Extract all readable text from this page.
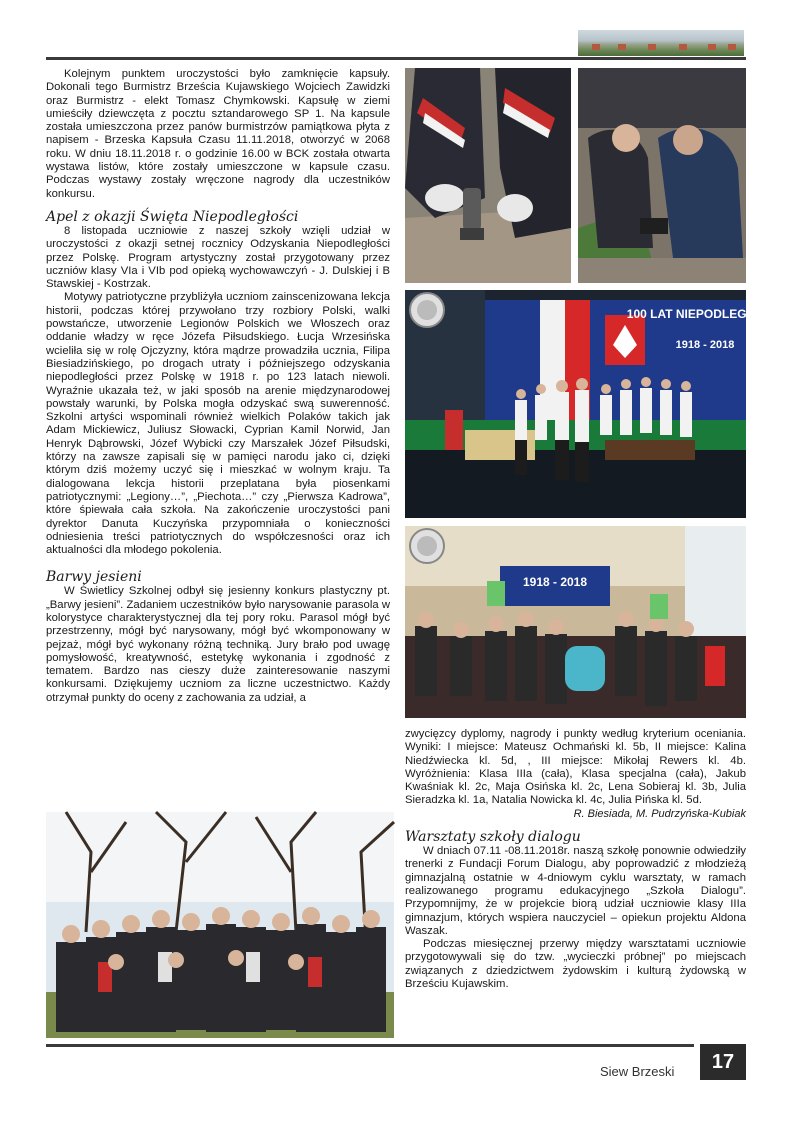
Kolejnym punktem uroczystości było zamknięcie kapsuły. Dokonali tego Burmistrz Brześcia Kujawskiego Wojciech Zawidzki oraz Burmistrz - elekt Tomasz Chymkowski. Kapsułę w ziemi umieściły dziewczęta z pocztu sztandarowego SP 1. Na kapsule została umieszczona przez panów burmistrzów pamiątkowa płyta z napisem - Brzeska Kapsuła Czasu 11.11.2018, otworzyć w 2068 roku. W dniu 18.11.2018 r. o godzinie 16.00 w BCK została otwarta wystawa listów, które zostały umieszczone w kapsule czasu. Podczas wystawy zostały wręczone nagrody dla uczestników konkursu.

Apel z okazji Święta Niepodległości

8 listopada uczniowie z naszej szkoły wzięli udział w uroczystości z okazji setnej rocznicy Odzyskania Niepodległości przez Polskę. Program artystyczny został przygotowany przez uczniów klasy VIa i VIb pod opieką wychowawczyń - J. Dulskiej i B Stawskiej - Kostrzak.

Motywy patriotyczne przybliżyła uczniom zainscenizowana lekcja historii, podczas której przywołano trzy rozbiory Polski, walki powstańcze, utworzenie Legionów Polskich we Włoszech oraz oddanie władzy w ręce Józefa Piłsudskiego. Łucja Wrzesińska wcieliła się w rolę Ojczyzny, która mądrze prowadziła ucznia, Filipa Biesiadzińskiego, po drogach utraty i późniejszego odzyskania niepodległości przez Polskę w 1918 r. po 123 latach niewoli. Wyraźnie ukazała też, w jaki sposób na arenie międzynarodowej powstały warunki, by Polska mogła odzyskać swą suwerenność. Szkolni artyści wspominali również wielkich Polaków takich jak Adam Mickiewicz, Juliusz Słowacki, Cyprian Kamil Norwid, Jan Henryk Dąbrowski, Józef Wybicki czy Marszałek Józef Piłsudski, którzy na zawsze zapisali się w pamięci narodu jako ci, dzięki którym dziś możemy uczyć się i mieszkać w wolnym kraju. Ta dialogowana lekcja historii przeplatana była piosenkami patriotycznymi: „Legiony…”, „Piechota…” czy „Pierwsza Kadrowa”, które śpiewała cała szkoła. Na zakończenie uroczystości pani dyrektor Danuta Kuczyńska przypomniała o konieczności odniesienia treści patriotycznych do współczesności oraz ich aktualności dla młodego pokolenia.

Barwy jesieni

W Świetlicy Szkolnej odbył się jesienny konkurs plastyczny pt. „Barwy jesieni”. Zadaniem uczestników było narysowanie parasola w kolorystyce charakterystycznej dla tej pory roku. Parasol mógł być przestrzenny, mógł być narysowany, mógł być wkomponowany w pejzaż, mógł być wykonany różną techniką. Jury brało pod uwagę pomysłowość, kreatywność, estetykę wykonania i zgodność z tematem. Bardzo nas cieszy duże zainteresowanie naszymi konkursami. Dziękujemy uczniom za liczne uczestnictwo. Każdy otrzymał punkty do oceny z zachowania za udział, a

100 LAT NIEPODLEGŁOŚCI
1918 - 2018
1918 - 2018

zwycięzcy dyplomy, nagrody i punkty według kryterium oceniania. Wyniki: I miejsce: Mateusz Ochmański kl. 5b, II miejsce: Kalina Niedźwiecka kl. 5d, , III miejsce: Mikołaj Rewers kl. 4b. Wyróżnienia: Klasa IIIa (cała), Klasa specjalna (cała), Jakub Kwaśniak kl. 2c, Maja Osińska kl. 2c, Lena Sobieraj kl. 3b, Julia Sieradzka kl. 1a, Natalia Nowicka kl. 4c, Julia Pińska kl. 5d.

R. Biesiada, M. Pudrzyńska-Kubiak

Warsztaty szkoły dialogu

W dniach 07.11 -08.11.2018r. naszą szkołę ponownie odwiedziły trenerki z Fundacji Forum Dialogu, aby poprowadzić z młodzieżą gimnazjalną ostatnie w 4-dniowym cyklu warsztaty, w ramach realizowanego programu edukacyjnego „Szkoła Dialogu”. Przypomnijmy, że w projekcie biorą udział uczniowie klasy IIIa gimnazjum, których wspiera nauczyciel – opiekun projektu Aldona Waszak.

Podczas miesięcznej przerwy między warsztatami uczniowie przygotowywali się do tzw. „wycieczki próbnej” po miejscach związanych z dziedzictwem żydowskim i kulturą żydowską w Brześciu Kujawskim.

Siew Brzeski	17
